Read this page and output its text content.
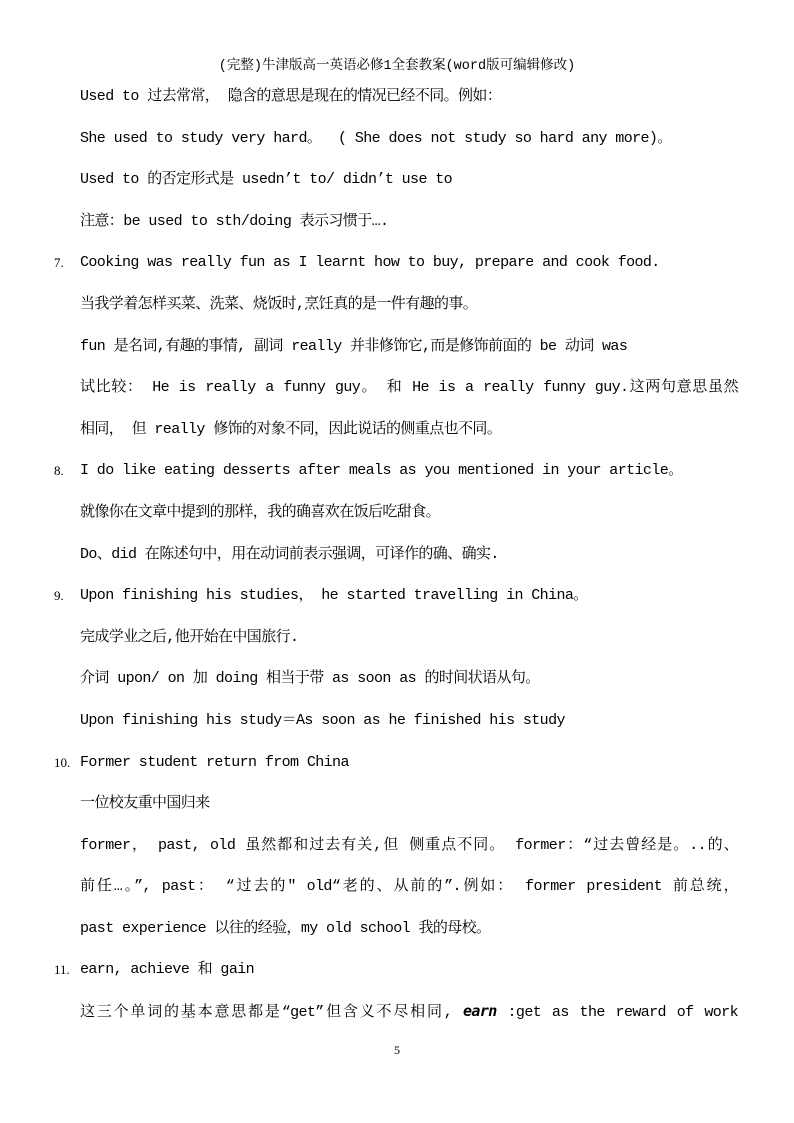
(完整)牛津版高一英语必修1全套教案(word版可编辑修改)
Used to 过去常常， 隐含的意思是现在的情况已经不同。例如：
She used to study very hard。  ( She does not study so hard any more)。
Used to 的否定形式是 usedn’t to/ didn’t use to
注意：be used to sth/doing 表示习惯于….
7. Cooking was really fun as I learnt how to buy, prepare and cook food.
当我学着怎样买菜、洗菜、烧饭时,烹饪真的是一件有趣的事。
fun 是名词,有趣的事情, 副词 really 并非修饰它,而是修饰前面的 be 动词 was
试比较： He is really a funny guy。 和 He is a really funny guy.这两句意思虽然
相同， 但 really 修饰的对象不同，因此说话的侧重点也不同。
8. I do like eating desserts after meals as you mentioned in your article。
就像你在文章中提到的那样，我的确喜欢在饭后吃甜食。
Do、did 在陈述句中，用在动词前表示强调，可译作的确、确实.
9. Upon finishing his studies， he started travelling in China。
完成学业之后,他开始在中国旅行.
介词 upon/ on 加 doing 相当于带 as soon as 的时间状语从句。
Upon finishing his study＝As soon as he finished his study
10. Former student return from China
一位校友重中国归来
former， past, old 虽然都和过去有关,但 侧重点不同。 former：“过去曾经是。..的、
前任…。”, past： “过去的" old“老的、从前的”.例如： former president 前总统，
past experience 以往的经验，my old school 我的母校。
11. earn, achieve 和 gain
这三个单词的基本意思都是“get”但含义不尽相同, earn :get as the reward of work
5
